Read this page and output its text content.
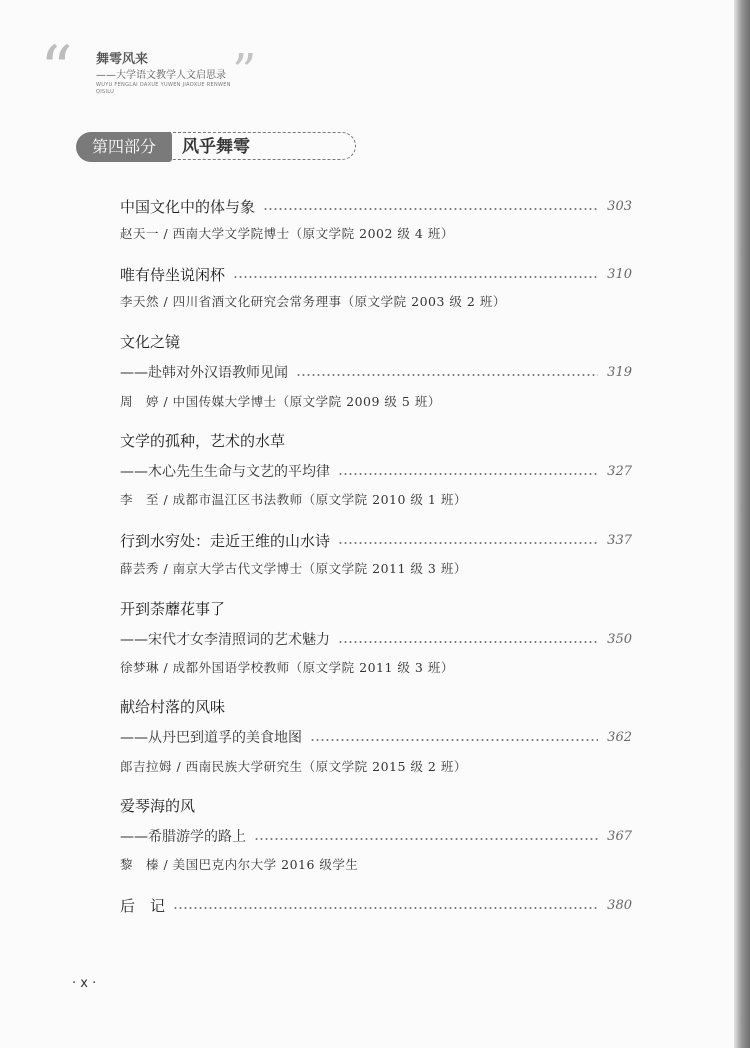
“ 舞雩风来
——大学语文教学人文启思录
WUYU FENGLAI DAXUE YUWEN JIAOXUE RENWEN QISILU	”
第四部分	风乎舞雩
中国文化中的体与象	303
赵天一 / 西南大学文学院博士（原文学院 2002 级 4 班）
唯有侍坐说闲杯	310
李天然 / 四川省酒文化研究会常务理事（原文学院 2003 级 2 班）
文化之镜
——赴韩对外汉语教师见闻	319
周　婷 / 中国传媒大学博士（原文学院 2009 级 5 班）
文学的孤种，艺术的水草
——木心先生生命与文艺的平均律	327
李　至 / 成都市温江区书法教师（原文学院 2010 级 1 班）
行到水穷处：走近王维的山水诗	337
薛芸秀 / 南京大学古代文学博士（原文学院 2011 级 3 班）
开到荼蘼花事了
——宋代才女李清照词的艺术魅力	350
徐梦琳 / 成都外国语学校教师（原文学院 2011 级 3 班）
献给村落的风味
——从丹巴到道孚的美食地图	362
郎吉拉姆 / 西南民族大学研究生（原文学院 2015 级 2 班）
爱琴海的风
——希腊游学的路上	367
黎　榛 / 美国巴克内尔大学 2016 级学生
后　记	380
· x ·
